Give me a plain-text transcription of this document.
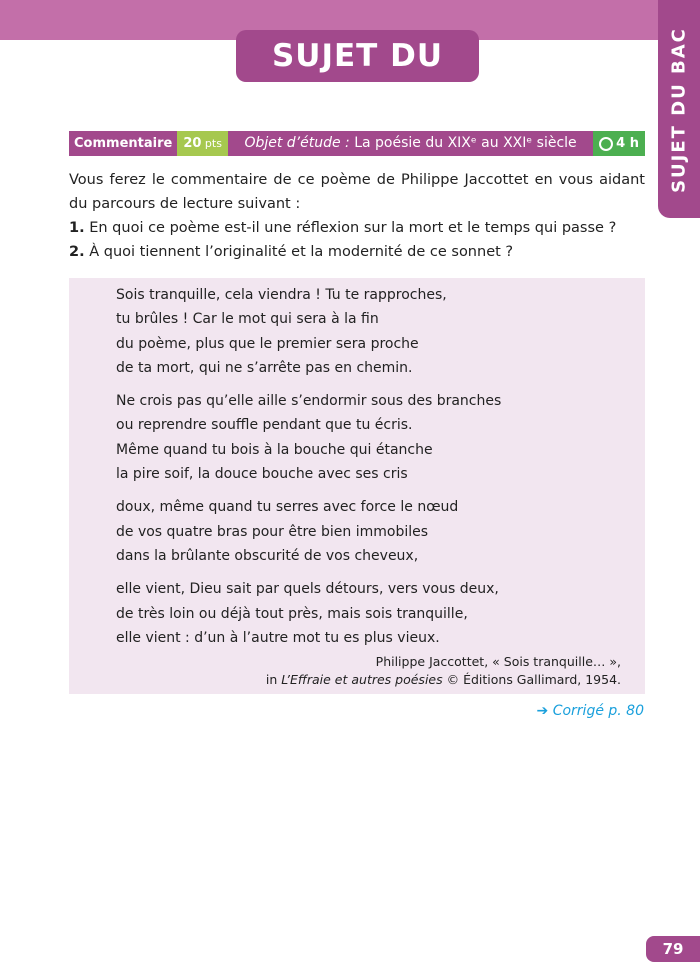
SUJET DU BAC	SUJET DU BAC
Commentaire 20 pts	Objet d’étude : La poésie du XIXᵉ au XXIᵉ siècle	4 h
Vous ferez le commentaire de ce poème de Philippe Jaccottet en vous aidant du parcours de lecture suivant :
1. En quoi ce poème est-il une réflexion sur la mort et le temps qui passe ?
2. À quoi tiennent l’originalité et la modernité de ce sonnet ?
Sois tranquille, cela viendra ! Tu te rapproches,
tu brûles ! Car le mot qui sera à la fin
du poème, plus que le premier sera proche
de ta mort, qui ne s’arrête pas en chemin.
Ne crois pas qu’elle aille s’endormir sous des branches
ou reprendre souffle pendant que tu écris.
Même quand tu bois à la bouche qui étanche
la pire soif, la douce bouche avec ses cris
doux, même quand tu serres avec force le nœud
de vos quatre bras pour être bien immobiles
dans la brûlante obscurité de vos cheveux,
elle vient, Dieu sait par quels détours, vers vous deux,
de très loin ou déjà tout près, mais sois tranquille,
elle vient : d’un à l’autre mot tu es plus vieux.
Philippe Jaccottet, « Sois tranquille… »,
in L’Effraie et autres poésies © Éditions Gallimard, 1954.
➔ Corrigé p. 80
79
